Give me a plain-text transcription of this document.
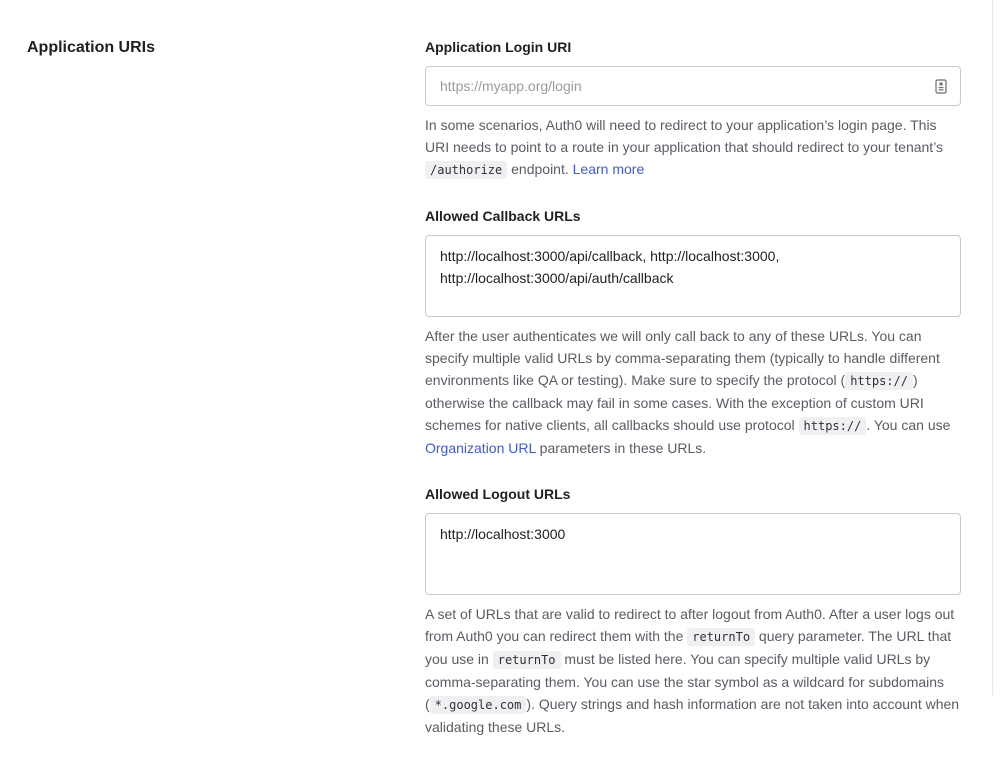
Application URIs	Application Login URI
https://myapp.org/login

In some scenarios, Auth0 will need to redirect to your application’s login page. This URI needs to point to a route in your application that should redirect to your tenant’s /authorize endpoint. Learn more

Allowed Callback URLs
http://localhost:3000/api/callback, http://localhost:3000, http://localhost:3000/api/auth/callback

After the user authenticates we will only call back to any of these URLs. You can specify multiple valid URLs by comma-separating them (typically to handle different environments like QA or testing). Make sure to specify the protocol ( https:// ) otherwise the callback may fail in some cases. With the exception of custom URI schemes for native clients, all callbacks should use protocol https:// . You can use Organization URL parameters in these URLs.

Allowed Logout URLs
http://localhost:3000

A set of URLs that are valid to redirect to after logout from Auth0. After a user logs out from Auth0 you can redirect them with the returnTo query parameter. The URL that you use in returnTo must be listed here. You can specify multiple valid URLs by comma-separating them. You can use the star symbol as a wildcard for subdomains ( *.google.com ). Query strings and hash information are not taken into account when validating these URLs.
